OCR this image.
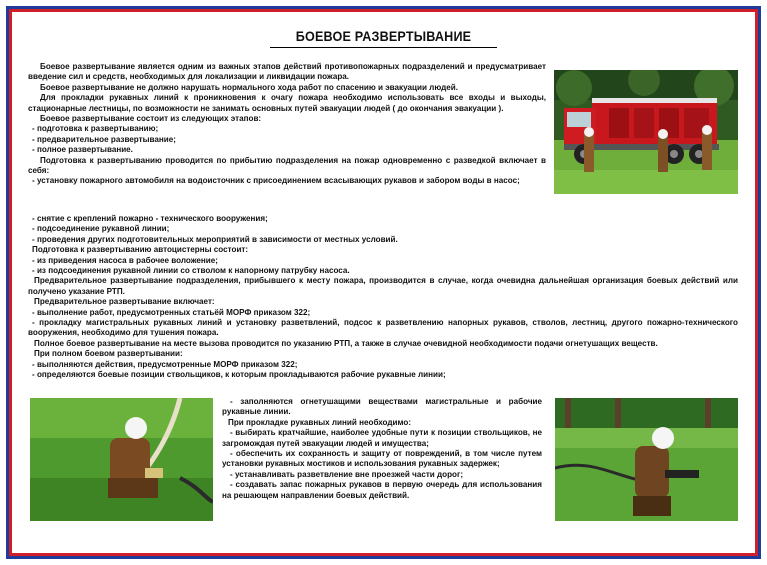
БОЕВОЕ РАЗВЕРТЫВАНИЕ

Боевое развертывание является одним из важных этапов действий противопожарных подразделений и предусматривает введение сил и средств, необходимых для локализации и ликвидации пожара.

Боевое развертывание не должно нарушать нормального хода работ по спасению и эвакуации людей.

Для прокладки рукавных линий к проникновения к очагу пожара необходимо использовать все входы и выходы, стационарные лестницы, по возможности не занимать основных путей эвакуации людей ( до окончания эвакуации ).

Боевое развертывание состоит из следующих этапов:

- подготовка к развертыванию;

- предварительное развертывание;

- полное развертывание.

Подготовка к развертыванию проводится по прибытию подразделения на пожар одновременно с разведкой включает в себя:

- установку пожарного автомобиля на водоисточник с присоединением всасывающих рукавов и забором воды в насос;

- снятие с креплений пожарно - технического вооружения;

- подсоединение рукавной линии;

- проведения других подготовительных мероприятий в зависимости от местных условий.

Подготовка к развертыванию автоцистерны состоит:

- из приведения насоса в рабочее воложение;

- из подсоединения рукавной линии со стволом к напорному патрубку насоса.

Предварительное развертывание подразделения, прибывшего к месту пожара, производится в случае, когда очевидна дальнейшая организация боевых действий или получено указание РТП.

Предварительное развертывание включает:

- выполнение работ, предусмотренных статьёй МОРФ приказом 322;

- прокладку магистральных рукавных линий и установку разветвлений, подсос к разветвлению напорных рукавов, стволов, лестниц, другого пожарно-технического вооружения, необходимо для тушения пожара.

Полное боевое развертывание на месте вызова проводится по указанию РТП, а также в случае очевидной необходимости подачи огнетушащих веществ.

При полном боевом развертывании:

- выполняются действия, предусмотренные МОРФ приказом 322;

- определяются боевые позиции ствольщиков, к которым прокладываются рабочие рукавные линии;

- заполняются огнетушащими веществами магистральные и рабочие рукавные линии.

При прокладке рукавных линий необходимо:

- выбирать кратчайшие, наиболее удобные пути к позиции ствольщиков, не загромождая путей эвакуации людей и имущества;

- обеспечить их сохранность и защиту от повреждений, в том числе путем установки рукавных мостиков и использования рукавных задержек;

- устанавливать разветвление вне проезжей части дорог;

- создавать запас пожарных рукавов в первую очередь для использования на решающем направлении боевых действий.
